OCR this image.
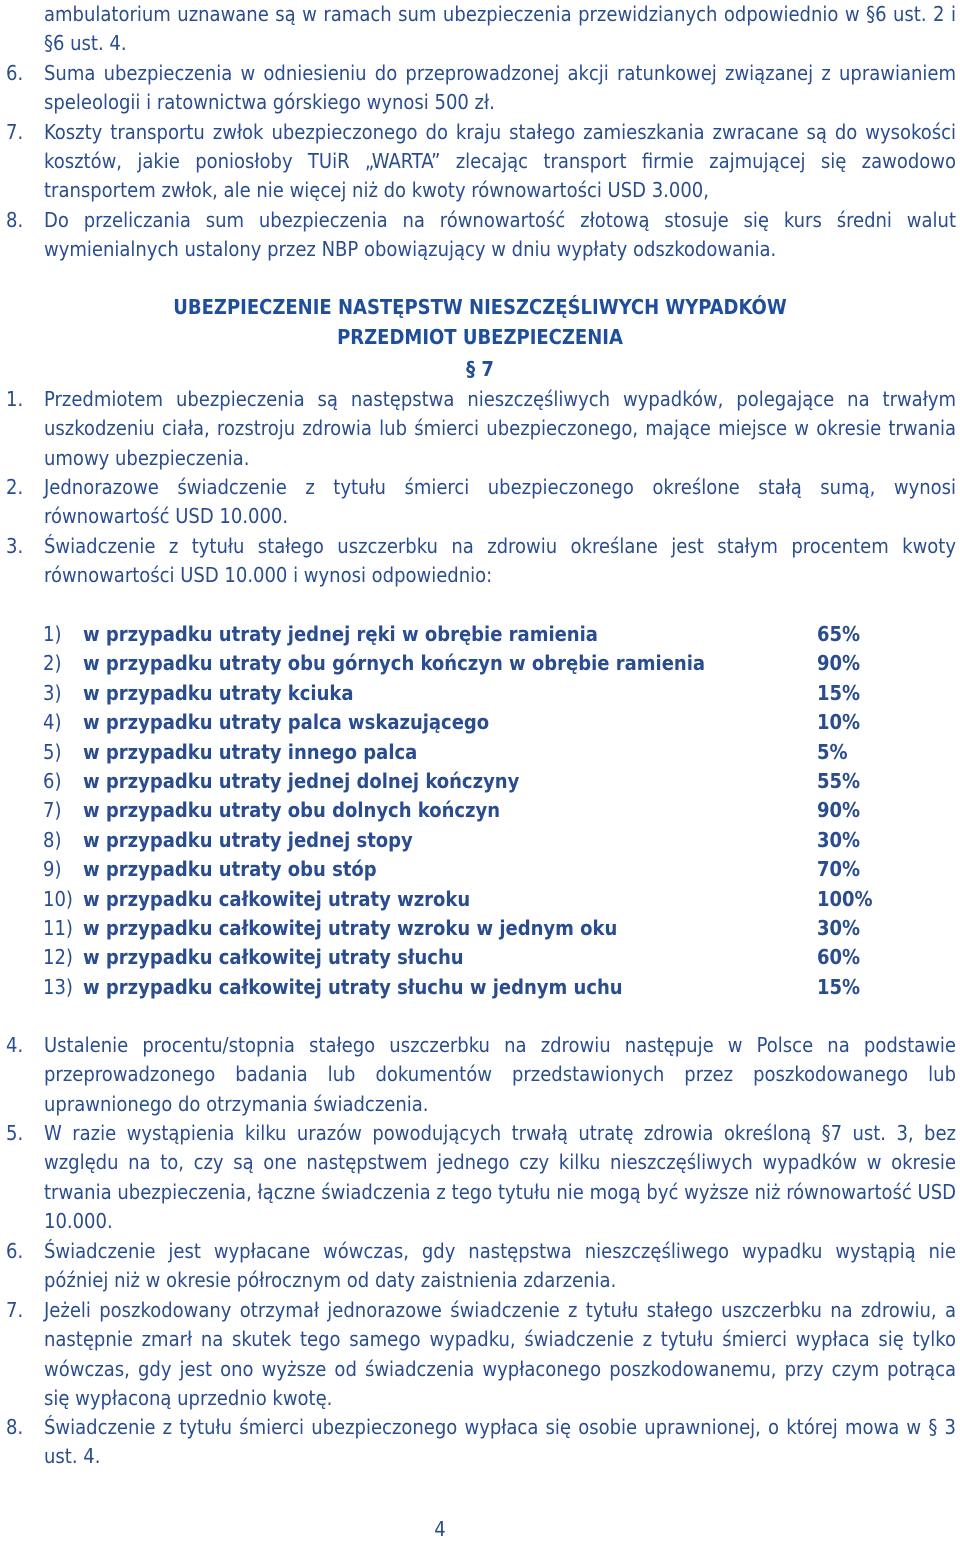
ambulatorium uznawane są w ramach sum ubezpieczenia przewidzianych odpowiednio w §6 ust. 2 i §6 ust. 4.
6. Suma ubezpieczenia w odniesieniu do przeprowadzonej akcji ratunkowej związanej z uprawianiem speleologii i ratownictwa górskiego wynosi 500 zł.
7. Koszty transportu zwłok ubezpieczonego do kraju stałego zamieszkania zwracane są do wysokości kosztów, jakie poniosłoby TUiR „WARTA” zlecając transport firmie zajmującej się zawodowo transportem zwłok, ale nie więcej niż do kwoty równowartości USD 3.000,
8. Do przeliczania sum ubezpieczenia na równowartość złotową stosuje się kurs średni walut wymienialnych ustalony przez NBP obowiązujący w dniu wypłaty odszkodowania.
UBEZPIECZENIE NASTĘPSTW NIESZCZĘŚLIWYCH WYPADKÓW
PRZEDMIOT UBEZPIECZENIA
§ 7
1. Przedmiotem ubezpieczenia są następstwa nieszczęśliwych wypadków, polegające na trwałym uszkodzeniu ciała, rozstroju zdrowia lub śmierci ubezpieczonego, mające miejsce w okresie trwania umowy ubezpieczenia.
2. Jednorazowe świadczenie z tytułu śmierci ubezpieczonego określone stałą sumą, wynosi równowartość USD 10.000.
3. Świadczenie z tytułu stałego uszczerbku na zdrowiu określane jest stałym procentem kwoty równowartości USD 10.000 i wynosi odpowiednio:
1) w przypadku utraty jednej ręki w obrębie ramienia	65%
2) w przypadku utraty obu górnych kończyn w obrębie ramienia	90%
3) w przypadku utraty kciuka	15%
4) w przypadku utraty palca wskazującego	10%
5) w przypadku utraty innego palca	5%
6) w przypadku utraty jednej dolnej kończyny	55%
7) w przypadku utraty obu dolnych kończyn	90%
8) w przypadku utraty jednej stopy	30%
9) w przypadku utraty obu stóp	70%
10) w przypadku całkowitej utraty wzroku	100%
11) w przypadku całkowitej utraty wzroku w jednym oku	30%
12) w przypadku całkowitej utraty słuchu	60%
13) w przypadku całkowitej utraty słuchu w jednym uchu	15%
4. Ustalenie procentu/stopnia stałego uszczerbku na zdrowiu następuje w Polsce na podstawie przeprowadzonego badania lub dokumentów przedstawionych przez poszkodowanego lub uprawnionego do otrzymania świadczenia.
5. W razie wystąpienia kilku urazów powodujących trwałą utratę zdrowia określoną §7 ust. 3, bez względu na to, czy są one następstwem jednego czy kilku nieszczęśliwych wypadków w okresie trwania ubezpieczenia, łączne świadczenia z tego tytułu nie mogą być wyższe niż równowartość USD 10.000.
6. Świadczenie jest wypłacane wówczas, gdy następstwa nieszczęśliwego wypadku wystąpią nie później niż w okresie półrocznym od daty zaistnienia zdarzenia.
7. Jeżeli poszkodowany otrzymał jednorazowe świadczenie z tytułu stałego uszczerbku na zdrowiu, a następnie zmarł na skutek tego samego wypadku, świadczenie z tytułu śmierci wypłaca się tylko wówczas, gdy jest ono wyższe od świadczenia wypłaconego poszkodowanemu, przy czym potrąca się wypłaconą uprzednio kwotę.
8. Świadczenie z tytułu śmierci ubezpieczonego wypłaca się osobie uprawnionej, o której mowa w § 3 ust. 4.
4
